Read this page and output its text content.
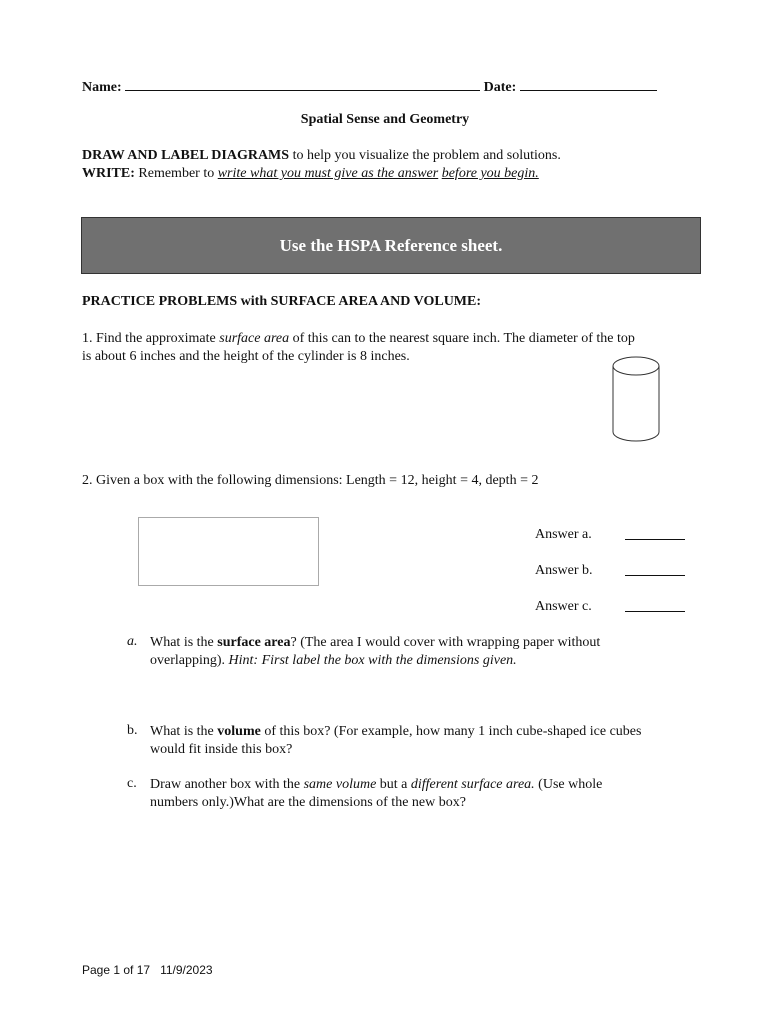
Name:	Date:
Spatial Sense and Geometry
DRAW AND LABEL DIAGRAMS to help you visualize the problem and solutions.
WRITE: Remember to write what you must give as the answer before you begin.
Use the HSPA Reference sheet.
PRACTICE PROBLEMS with SURFACE AREA AND VOLUME:
1. Find the approximate surface area of this can to the nearest square inch. The diameter of the top
is about 6 inches and the height of the cylinder is 8 inches.
2. Given a box with the following dimensions: Length = 12, height = 4, depth = 2
Answer a.
Answer b.
Answer c.
a. What is the surface area? (The area I would cover with wrapping paper without
overlapping). Hint: First label the box with the dimensions given.
b. What is the volume of this box? (For example, how many 1 inch cube-shaped ice cubes
would fit inside this box?
c. Draw another box with the same volume but a different surface area. (Use whole
numbers only.)What are the dimensions of the new box?
Page 1 of 17 11/9/2023
